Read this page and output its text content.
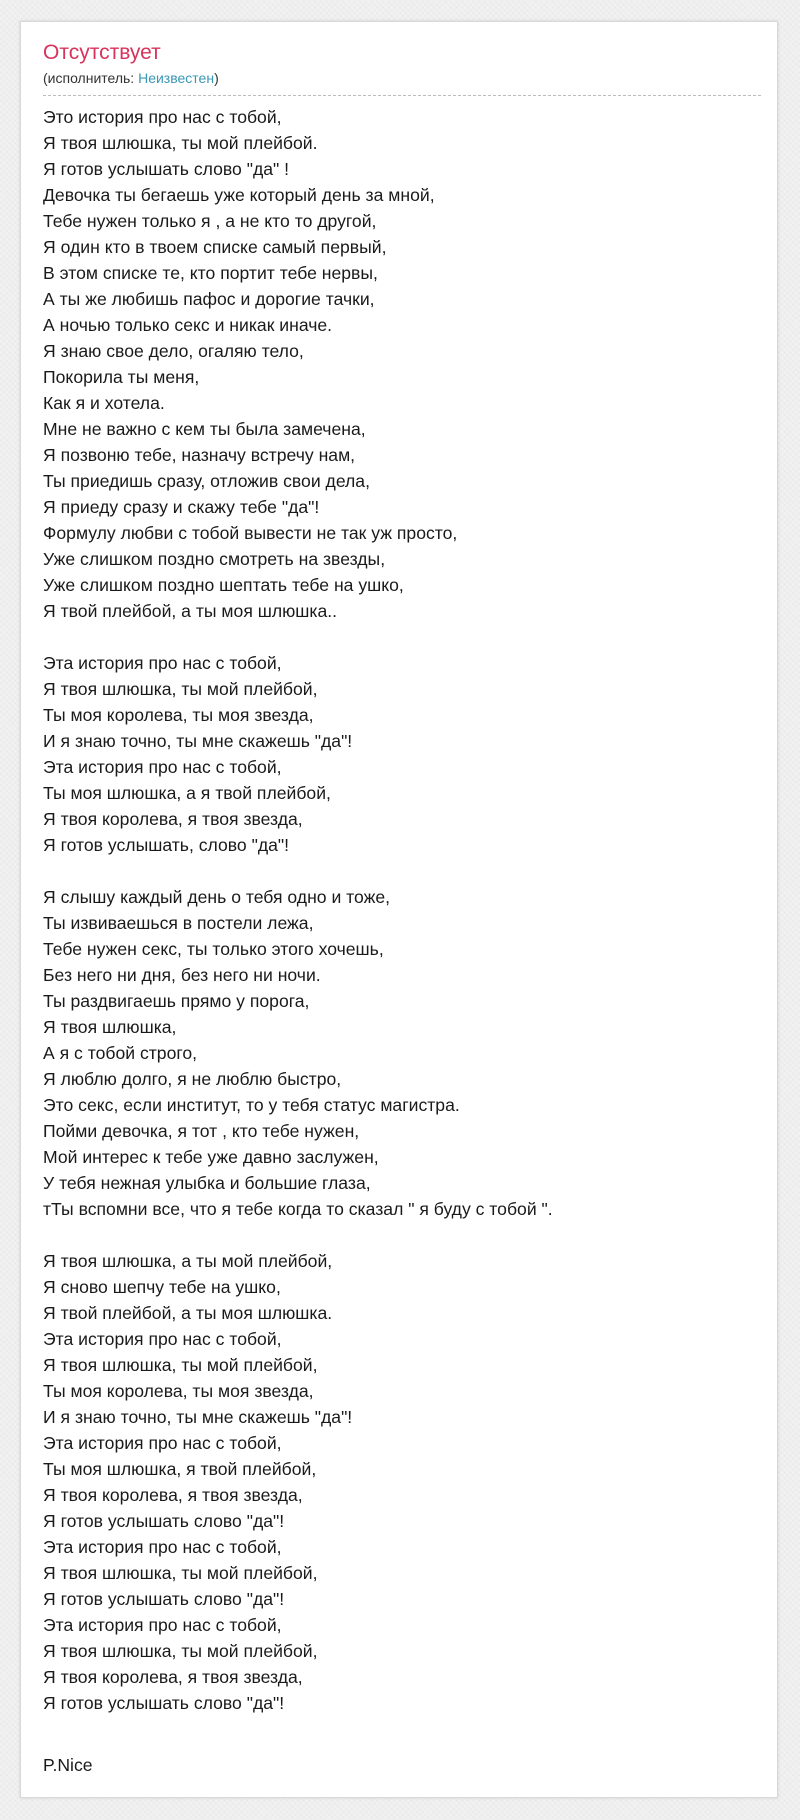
Отсутствует
(исполнитель: Неизвестен)
Это история про нас с тобой,
Я твоя шлюшка, ты мой плейбой.
Я готов услышать слово "да" !
Девочка ты бегаешь уже который день за мной,
Тебе нужен только я , а не кто то другой,
Я один кто в твоем списке самый первый,
В этом списке те, кто портит тебе нервы,
А ты же любишь пафос и дорогие тачки,
А ночью только секс и никак иначе.
Я знаю свое дело, огаляю тело,
Покорила ты меня,
Как я и хотела.
Мне не важно с кем ты была замечена,
Я позвоню тебе, назначу встречу нам,
Ты приедишь сразу, отложив свои дела,
Я приеду сразу и скажу тебе "да"!
Формулу любви с тобой вывести не так уж просто,
Уже слишком поздно смотреть на звезды,
Уже слишком поздно шептать тебе на ушко,
Я твой плейбой, а ты моя шлюшка..
Эта история про нас с тобой,
Я твоя шлюшка, ты мой плейбой,
Ты моя королева, ты моя звезда,
И я знаю точно, ты мне скажешь "да"!
Эта история про нас с тобой,
Ты моя шлюшка, а я твой плейбой,
Я твоя королева, я твоя звезда,
Я готов услышать, слово "да"!
Я слышу каждый день о тебя одно и тоже,
Ты извиваешься в постели лежа,
Тебе нужен секс, ты только этого хочешь,
Без него ни дня, без него ни ночи.
Ты раздвигаешь прямо у порога,
Я твоя шлюшка,
А я с тобой строго,
Я люблю долго, я не люблю быстро,
Это секс, если институт, то у тебя статус магистра.
Пойми девочка, я тот , кто тебе нужен,
Мой интерес к тебе уже давно заслужен,
У тебя нежная улыбка и большие глаза,
тТы вспомни все, что я тебе когда то сказал " я буду с тобой ".
Я твоя шлюшка, а ты мой плейбой,
Я сново шепчу тебе на ушко,
Я твой плейбой, а ты моя шлюшка.
Эта история про нас с тобой,
Я твоя шлюшка, ты мой плейбой,
Ты моя королева, ты моя звезда,
И я знаю точно, ты мне скажешь "да"!
Эта история про нас с тобой,
Ты моя шлюшка, я твой плейбой,
Я твоя королева, я твоя звезда,
Я готов услышать слово "да"!
Эта история про нас с тобой,
Я твоя шлюшка, ты мой плейбой,
Я готов услышать слово "да"!
Эта история про нас с тобой,
Я твоя шлюшка, ты мой плейбой,
Я твоя королева, я твоя звезда,
Я готов услышать слово "да"!
P.Nice
